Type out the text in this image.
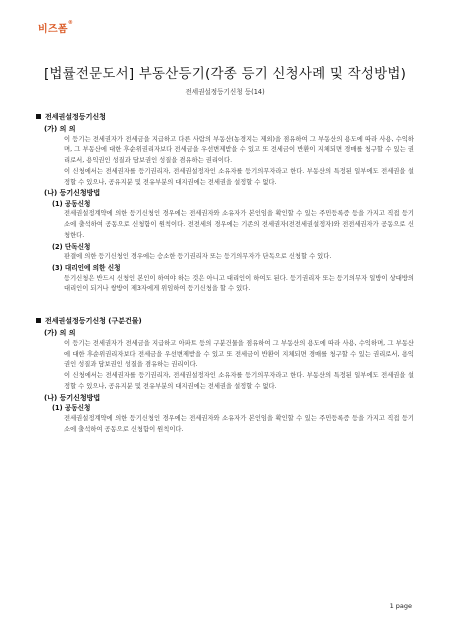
비즈폼®
[법률전문도서] 부동산등기(각종 등기 신청사례 및 작성방법)
전세권설정등기신청 등(14)
전세권설정등기신청
(가) 의 의
이 등기는 전세권자가 전세금을 지급하고 다른 사람의 부동산(농경지는 제외)을 점유하여 그 부동산의 용도에 따라 사용, 수익하며, 그 부동산에 대한 후순위권리자보다 전세금을 우선변제받을 수 있고 또 전세금이 반환이 지체되면 경매를 청구할 수 있는 권리로서, 용익권인 성질과 담보권인 성질을 겸유하는 권리이다.
이 신청에서는 전세권자를 등기권리자, 전세권설정자인 소유자를 등기의무자라고 한다. 부동산의 특정된 일부에도 전세권을 설정할 수 있으나, 공유지분 및 전유부분의 대지권에는 전세권을 설정할 수 없다.
(나) 등기신청방법
(1) 공동신청
전세권설정계약에 의한 등기신청인 경우에는 전세권자와 소유자가 본인임을 확인할 수 있는 주민등록증 등을 가지고 직접 등기소에 출석하여 공동으로 신청함이 원칙이다. 전전세의 경우에는 기존의 전세권자(전전세권설정자)와 전전세권자가 공동으로 신청한다.
(2) 단독신청
판결에 의한 등기신청인 경우에는 승소한 등기권리자 또는 등기의무자가 단독으로 신청할 수 있다.
(3) 대리인에 의한 신청
등기신청은 반드시 신청인 본인이 하여야 하는 것은 아니고 대리인이 하여도 된다. 등기권리자 또는 등기의무자 일방이 상대방의 대리인이 되거나 쌍방이 제3자에게 위임하여 등기신청을 할 수 있다.
전세권설정등기신청 (구분건물)
(가) 의 의
이 등기는 전세권자가 전세금을 지급하고 아파트 등의 구분건물을 점유하여 그 부동산의 용도에 따라 사용, 수익하며, 그 부동산에 대한 후순위권리자보다 전세금을 우선변제받을 수 있고 또 전세금이 반환이 지체되면 경매를 청구할 수 있는 권리로서, 용익권인 성질과 담보권인 성질을 겸유하는 권리이다.
이 신청에서는 전세권자를 등기권리자, 전세권설정자인 소유자를 등기의무자라고 한다. 부동산의 특정된 일부에도 전세권을 설정할 수 있으나, 공유지분 및 전유부분의 대지권에는 전세권을 설정할 수 없다.
(나) 등기신청방법
(1) 공동신청
전세권설정계약에 의한 등기신청인 경우에는 전세권자와 소유자가 본인임을 확인할 수 있는 주민등록증 등을 가지고 직접 등기소에 출석하여 공동으로 신청함이 원칙이다.
1 page
